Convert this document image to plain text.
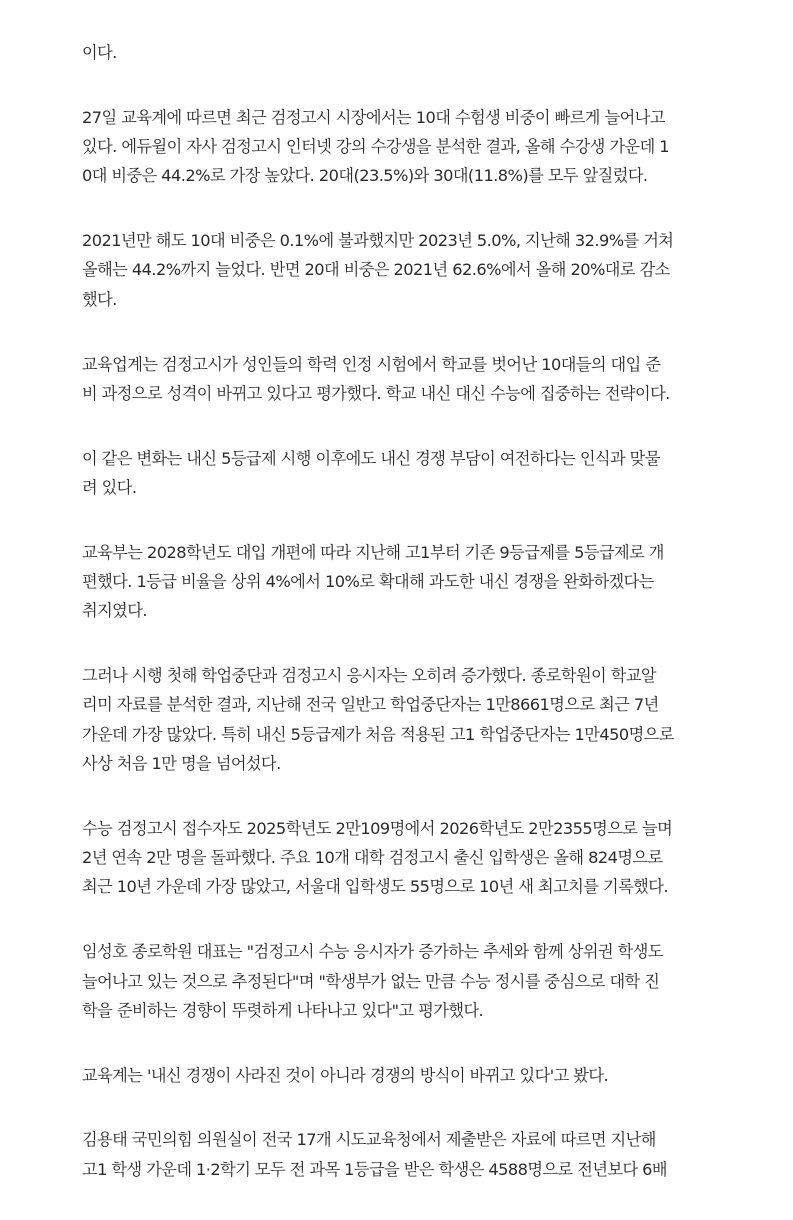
이다.

27일 교육계에 따르면 최근 검정고시 시장에서는 10대 수험생 비중이 빠르게 늘어나고
있다. 에듀윌이 자사 검정고시 인터넷 강의 수강생을 분석한 결과, 올해 수강생 가운데 1
0대 비중은 44.2%로 가장 높았다. 20대(23.5%)와 30대(11.8%)를 모두 앞질렀다.

2021년만 해도 10대 비중은 0.1%에 불과했지만 2023년 5.0%, 지난해 32.9%를 거쳐
올해는 44.2%까지 늘었다. 반면 20대 비중은 2021년 62.6%에서 올해 20%대로 감소
했다.

교육업계는 검정고시가 성인들의 학력 인정 시험에서 학교를 벗어난 10대들의 대입 준
비 과정으로 성격이 바뀌고 있다고 평가했다. 학교 내신 대신 수능에 집중하는 전략이다.

이 같은 변화는 내신 5등급제 시행 이후에도 내신 경쟁 부담이 여전하다는 인식과 맞물
려 있다.

교육부는 2028학년도 대입 개편에 따라 지난해 고1부터 기존 9등급제를 5등급제로 개
편했다. 1등급 비율을 상위 4%에서 10%로 확대해 과도한 내신 경쟁을 완화하겠다는
취지였다.

그러나 시행 첫해 학업중단과 검정고시 응시자는 오히려 증가했다. 종로학원이 학교알
리미 자료를 분석한 결과, 지난해 전국 일반고 학업중단자는 1만8661명으로 최근 7년
가운데 가장 많았다. 특히 내신 5등급제가 처음 적용된 고1 학업중단자는 1만450명으로
사상 처음 1만 명을 넘어섰다.

수능 검정고시 접수자도 2025학년도 2만109명에서 2026학년도 2만2355명으로 늘며
2년 연속 2만 명을 돌파했다. 주요 10개 대학 검정고시 출신 입학생은 올해 824명으로
최근 10년 가운데 가장 많았고, 서울대 입학생도 55명으로 10년 새 최고치를 기록했다.

임성호 종로학원 대표는 "검정고시 수능 응시자가 증가하는 추세와 함께 상위권 학생도
늘어나고 있는 것으로 추정된다"며 "학생부가 없는 만큼 수능 정시를 중심으로 대학 진
학을 준비하는 경향이 뚜렷하게 나타나고 있다"고 평가했다.

교육계는 '내신 경쟁이 사라진 것이 아니라 경쟁의 방식이 바뀌고 있다'고 봤다.

김용태 국민의힘 의원실이 전국 17개 시도교육청에서 제출받은 자료에 따르면 지난해
고1 학생 가운데 1·2학기 모두 전 과목 1등급을 받은 학생은 4588명으로 전년보다 6배
